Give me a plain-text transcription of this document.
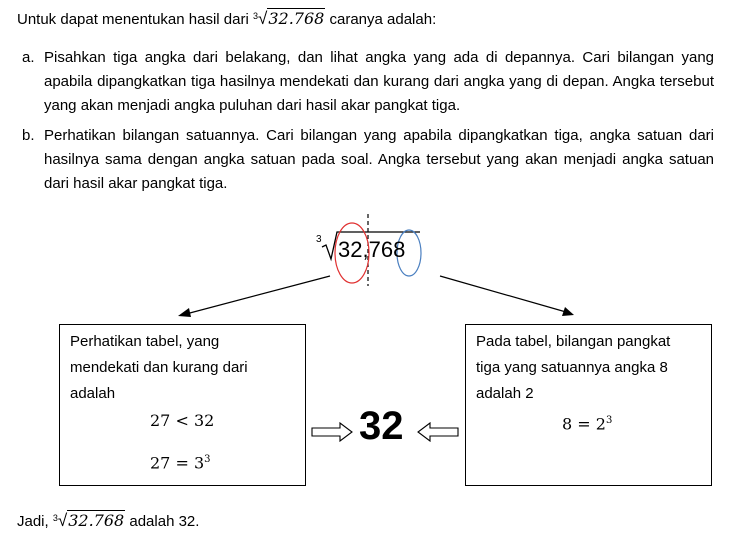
Untuk dapat menentukan hasil dari $^3$√32.768 caranya adalah:
a. Pisahkan tiga angka dari belakang, dan lihat angka yang ada di depannya. Cari bilangan yang apabila dipangkatkan tiga hasilnya mendekati dan kurang dari angka yang di depan. Angka tersebut yang akan menjadi angka puluhan dari hasil akar pangkat tiga.
b. Perhatikan bilangan satuannya. Cari bilangan yang apabila dipangkatkan tiga, angka satuan dari hasilnya sama dengan angka satuan pada soal. Angka tersebut yang akan menjadi angka satuan dari hasil akar pangkat tiga.
3 32,768
Perhatikan tabel, yang
mendekati dan kurang dari
adalah
27 < 32
$27 = 3^3$
Pada tabel, bilangan pangkat
tiga yang satuannya angka 8
adalah 2
$8 = 2^3$
32
Jadi, $^3$√32.768 adalah 32.
